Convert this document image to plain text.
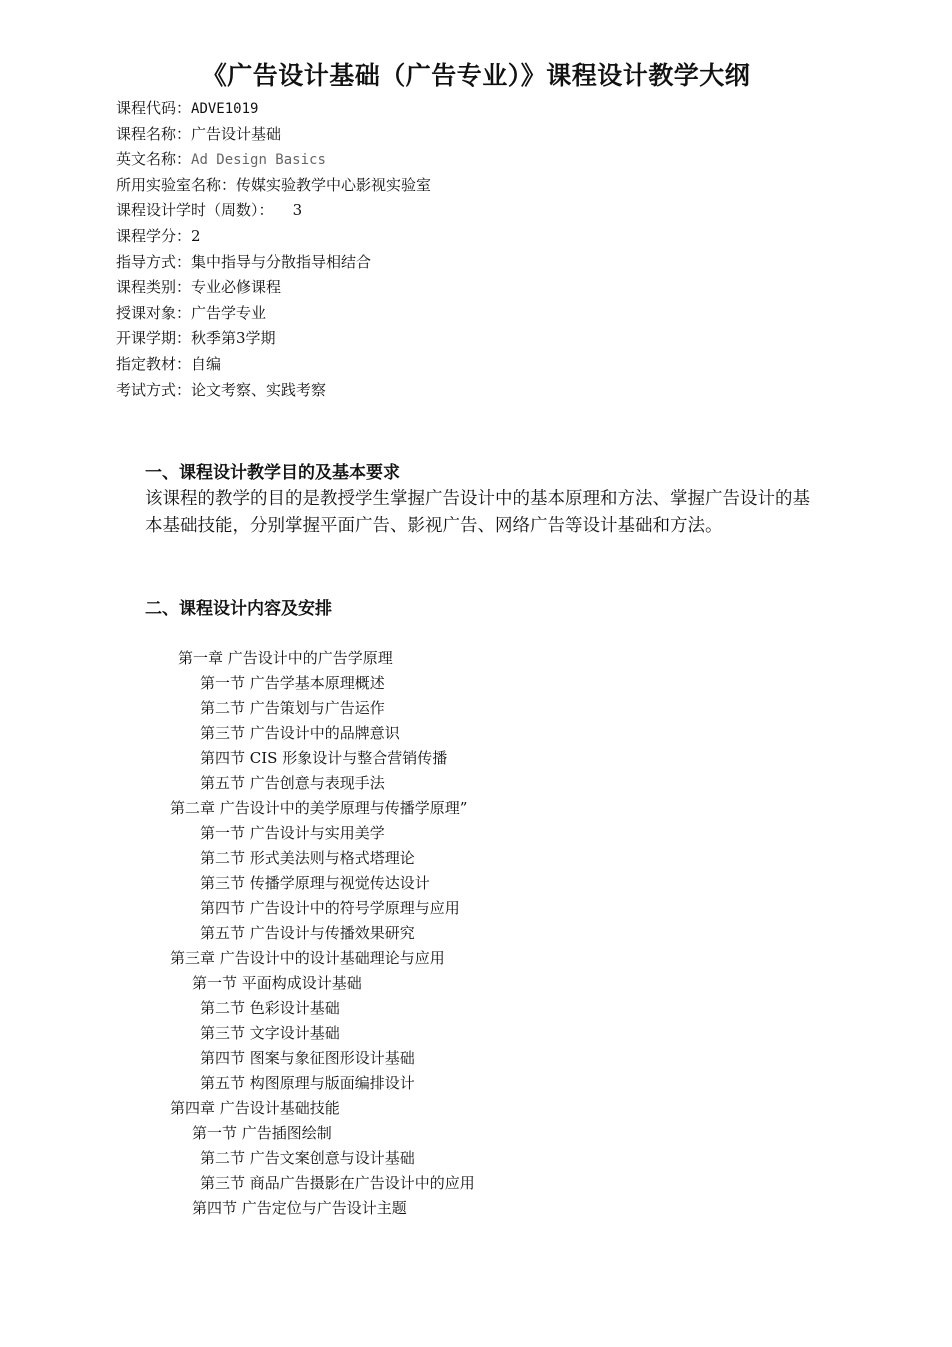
《广告设计基础（广告专业）》课程设计教学大纲
课程代码：ADVE1019
课程名称：广告设计基础
英文名称：Ad Design Basics
所用实验室名称：传媒实验教学中心影视实验室
课程设计学时（周数）：    3
课程学分：2
指导方式：集中指导与分散指导相结合
课程类别：专业必修课程
授课对象：广告学专业
开课学期：秋季第3学期
指定教材：自编
考试方式：论文考察、实践考察
一、课程设计教学目的及基本要求

该课程的教学的目的是教授学生掌握广告设计中的基本原理和方法、掌握广告设计的基本基础技能，分别掌握平面广告、影视广告、网络广告等设计基础和方法。

二、课程设计内容及安排
第一章 广告设计中的广告学原理
第一节 广告学基本原理概述
第二节 广告策划与广告运作
第三节 广告设计中的品牌意识
第四节 CIS 形象设计与整合营销传播
第五节 广告创意与表现手法
第二章 广告设计中的美学原理与传播学原理”
第一节 广告设计与实用美学
第二节 形式美法则与格式塔理论
第三节 传播学原理与视觉传达设计
第四节 广告设计中的符号学原理与应用
第五节 广告设计与传播效果研究
第三章 广告设计中的设计基础理论与应用
第一节 平面构成设计基础
第二节 色彩设计基础
第三节 文字设计基础
第四节 图案与象征图形设计基础
第五节 构图原理与版面编排设计
第四章 广告设计基础技能
第一节 广告插图绘制
第二节 广告文案创意与设计基础
第三节 商品广告摄影在广告设计中的应用
第四节 广告定位与广告设计主题
